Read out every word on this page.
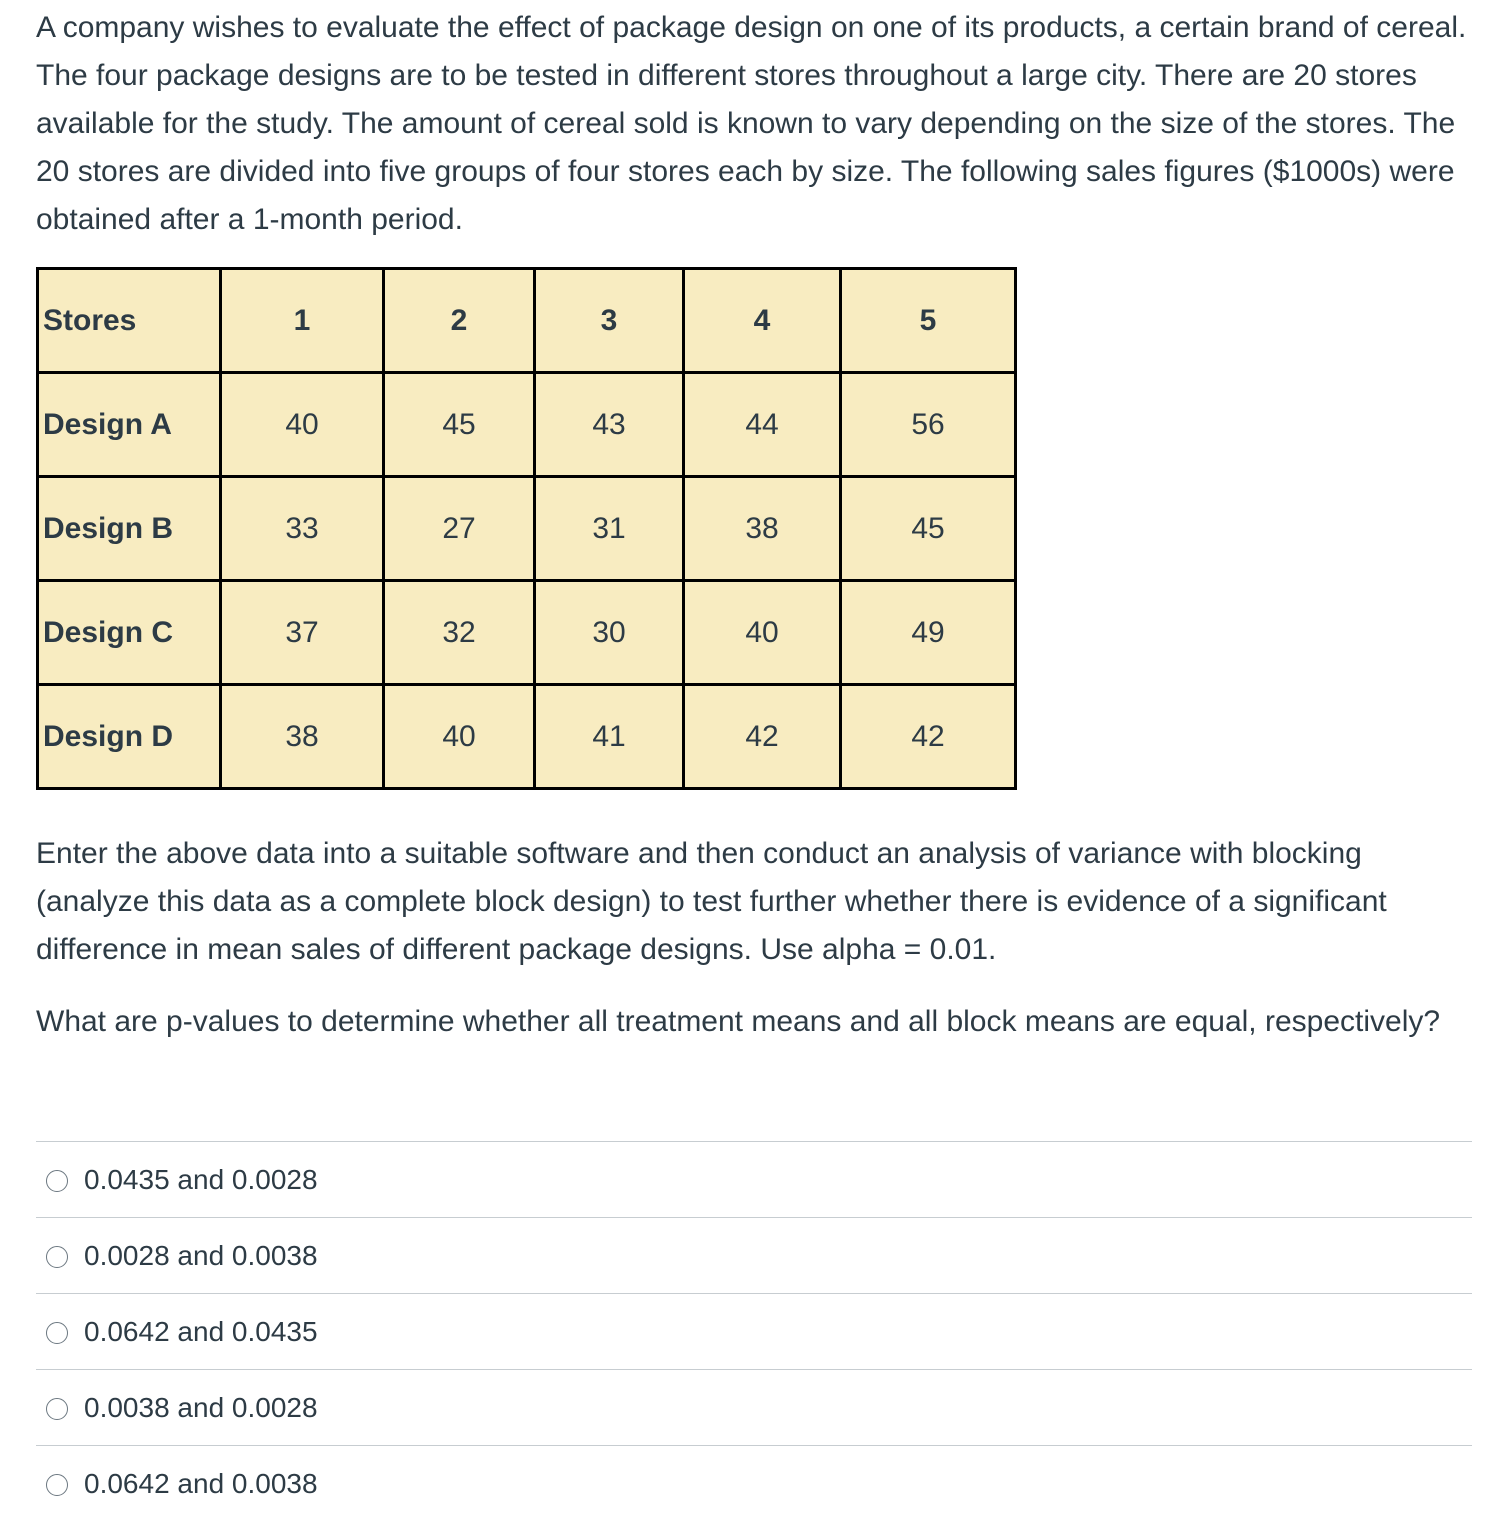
A company wishes to evaluate the effect of package design on one of its products, a certain brand of cereal. The four package designs are to be tested in different stores throughout a large city. There are 20 stores available for the study. The amount of cereal sold is known to vary depending on the size of the stores. The 20 stores are divided into five groups of four stores each by size. The following sales figures ($1000s) were obtained after a 1-month period.

Stores	1	2	3	4	5
Design A	40	45	43	44	56
Design B	33	27	31	38	45
Design C	37	32	30	40	49
Design D	38	40	41	42	42

Enter the above data into a suitable software and then conduct an analysis of variance with blocking (analyze this data as a complete block design) to test further whether there is evidence of a significant difference in mean sales of different package designs. Use alpha = 0.01.

What are p-values to determine whether all treatment means and all block means are equal, respectively?

0.0435 and 0.0028
0.0028 and 0.0038
0.0642 and 0.0435
0.0038 and 0.0028
0.0642 and 0.0038
